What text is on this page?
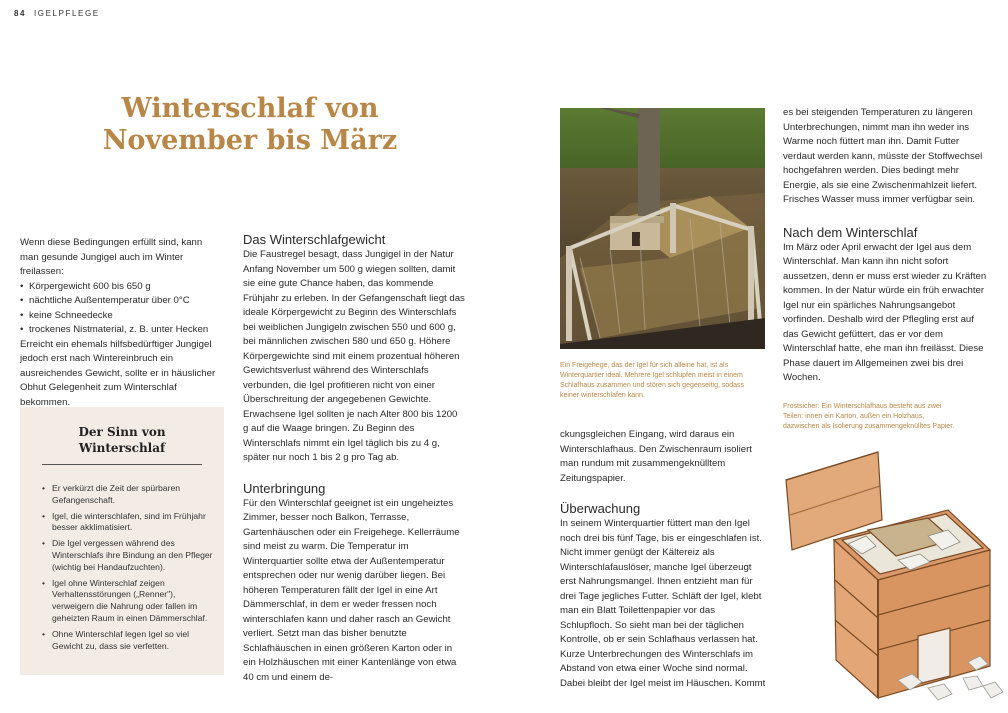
84 IGELPFLEGE
Winterschlaf von
November bis März

Wenn diese Bedingungen erfüllt sind, kann man gesunde Jungigel auch im Winter freilassen:

• Körpergewicht 600 bis 650 g
• nächtliche Außentemperatur über 0°C
• keine Schneedecke
• trockenes Nistmaterial, z. B. unter Hecken

Erreicht ein ehemals hilfsbedürftiger Jungigel jedoch erst nach Wintereinbruch ein ausreichendes Gewicht, sollte er in häuslicher Obhut Gelegenheit zum Winterschlaf bekommen.

Der Sinn von
Winterschlaf
• Er verkürzt die Zeit der spürbaren Gefangenschaft.
• Igel, die winterschlafen, sind im Frühjahr besser akklimatisiert.
• Die Igel vergessen während des Winterschlafs ihre Bindung an den Pfleger (wichtig bei Handaufzuchten).
• Igel ohne Winterschlaf zeigen Verhaltensstörungen („Renner"), verweigern die Nahrung oder fallen im geheizten Raum in einen Dämmerschlaf.
• Ohne Winterschlaf legen Igel so viel Gewicht zu, dass sie verfetten.
Das Winterschlafgewicht

Die Faustregel besagt, dass Jungigel in der Natur Anfang November um 500 g wiegen sollten, damit sie eine gute Chance haben, das kommende Frühjahr zu erleben. In der Gefangenschaft liegt das ideale Körpergewicht zu Beginn des Winterschlafs bei weiblichen Jungigeln zwischen 550 und 600 g, bei männlichen zwischen 580 und 650 g. Höhere Körpergewichte sind mit einem prozentual höheren Gewichtsverlust während des Winterschlafs verbunden, die Igel profitieren nicht von einer Überschreitung der angegebenen Gewichte. Erwachsene Igel sollten je nach Alter 800 bis 1200 g auf die Waage bringen. Zu Beginn des Winterschlafs nimmt ein Igel täglich bis zu 4 g, später nur noch 1 bis 2 g pro Tag ab.

Unterbringung

Für den Winterschlaf geeignet ist ein ungeheiztes Zimmer, besser noch Balkon, Terrasse, Gartenhäuschen oder ein Freigehege. Kellerräume sind meist zu warm. Die Temperatur im Winterquartier sollte etwa der Außentemperatur entsprechen oder nur wenig darüber liegen. Bei höheren Temperaturen fällt der Igel in eine Art Dämmerschlaf, in dem er weder fressen noch winterschlafen kann und daher rasch an Gewicht verliert. Setzt man das bisher benutzte Schlafhäuschen in einen größeren Karton oder in ein Holzhäuschen mit einer Kantenlänge von etwa 40 cm und einem de-

Ein Freigehege, das der Igel für sich alleine hat, ist als Winterquartier ideal. Mehrere Igel schlupfen meist in einem Schlafhaus zusammen und stören sich gegenseitig, sodass keiner winterschlafen kann.

ckungsgleichen Eingang, wird daraus ein Winterschlafhaus. Den Zwischenraum isoliert man rundum mit zusammengeknülltem Zeitungspapier.

Überwachung

In seinem Winterquartier füttert man den Igel noch drei bis fünf Tage, bis er eingeschlafen ist. Nicht immer genügt der Kältereiz als Winterschlafauslöser, manche Igel überzeugt erst Nahrungsmangel. Ihnen entzieht man für drei Tage jegliches Futter. Schläft der Igel, klebt man ein Blatt Toilettenpapier vor das Schlupfloch. So sieht man bei der täglichen Kontrolle, ob er sein Schlafhaus verlassen hat. Kurze Unterbrechungen des Winterschlafs im Abstand von etwa einer Woche sind normal. Dabei bleibt der Igel meist im Häuschen. Kommt

es bei steigenden Temperaturen zu längeren Unterbrechungen, nimmt man ihn weder ins Warme noch füttert man ihn. Damit Futter verdaut werden kann, müsste der Stoffwechsel hochgefahren werden. Dies bedingt mehr Energie, als sie eine Zwischenmahlzeit liefert. Frisches Wasser muss immer verfügbar sein.

Nach dem Winterschlaf

Im März oder April erwacht der Igel aus dem Winterschlaf. Man kann ihn nicht sofort aussetzen, denn er muss erst wieder zu Kräften kommen. In der Natur würde ein früh erwachter Igel nur ein spärliches Nahrungsangebot vorfinden. Deshalb wird der Pflegling erst auf das Gewicht gefüttert, das er vor dem Winterschlaf hatte, ehe man ihn freilässt. Diese Phase dauert im Allgemeinen zwei bis drei Wochen.

Frostsicher: Ein Winterschlafhaus besteht aus zwei Teilen: innen ein Karton, außen ein Holzhaus, dazwischen als Isolierung zusammengeknülltes Papier.
